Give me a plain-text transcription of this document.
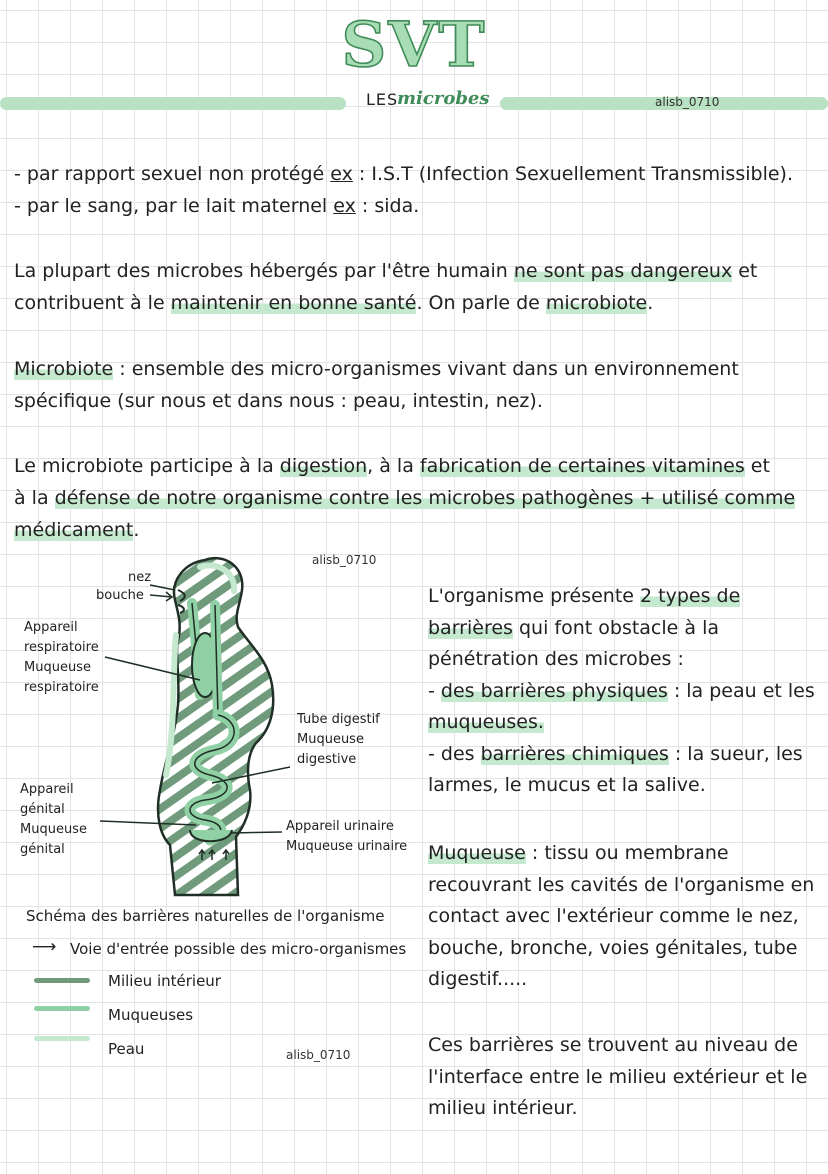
SVT
LES
microbes	alisb_0710
- par rapport sexuel non protégé ex : I.S.T (Infection Sexuellement Transmissible).
- par le sang, par le lait maternel ex : sida.
La plupart des microbes hébergés par l'être humain ne sont pas dangereux et
contribuent à le maintenir en bonne santé. On parle de microbiote.
Microbiote : ensemble des micro-organismes vivant dans un environnement
spécifique (sur nous et dans nous : peau, intestin, nez).
Le microbiote participe à la digestion, à la fabrication de certaines vitamines et
à la défense de notre organisme contre les microbes pathogènes + utilisé comme
médicament.
alisb_0710
nez
bouche
Appareil
respiratoire
Muqueuse
respiratoire
Tube digestif
Muqueuse
digestive
Appareil
génital
Muqueuse
génital
Appareil urinaire
Muqueuse urinaire
Schéma des barrières naturelles de l'organisme
⟶ Voie d'entrée possible des micro-organismes
Milieu intérieur
Muqueuses
Peau	alisb_0710
L'organisme présente 2 types de
barrières qui font obstacle à la
pénétration des microbes :
- des barrières physiques : la peau et les
muqueuses.
- des barrières chimiques : la sueur, les
larmes, le mucus et la salive.
Muqueuse : tissu ou membrane
recouvrant les cavités de l'organisme en
contact avec l'extérieur comme le nez,
bouche, bronche, voies génitales, tube
digestif.....
Ces barrières se trouvent au niveau de
l'interface entre le milieu extérieur et le
milieu intérieur.
